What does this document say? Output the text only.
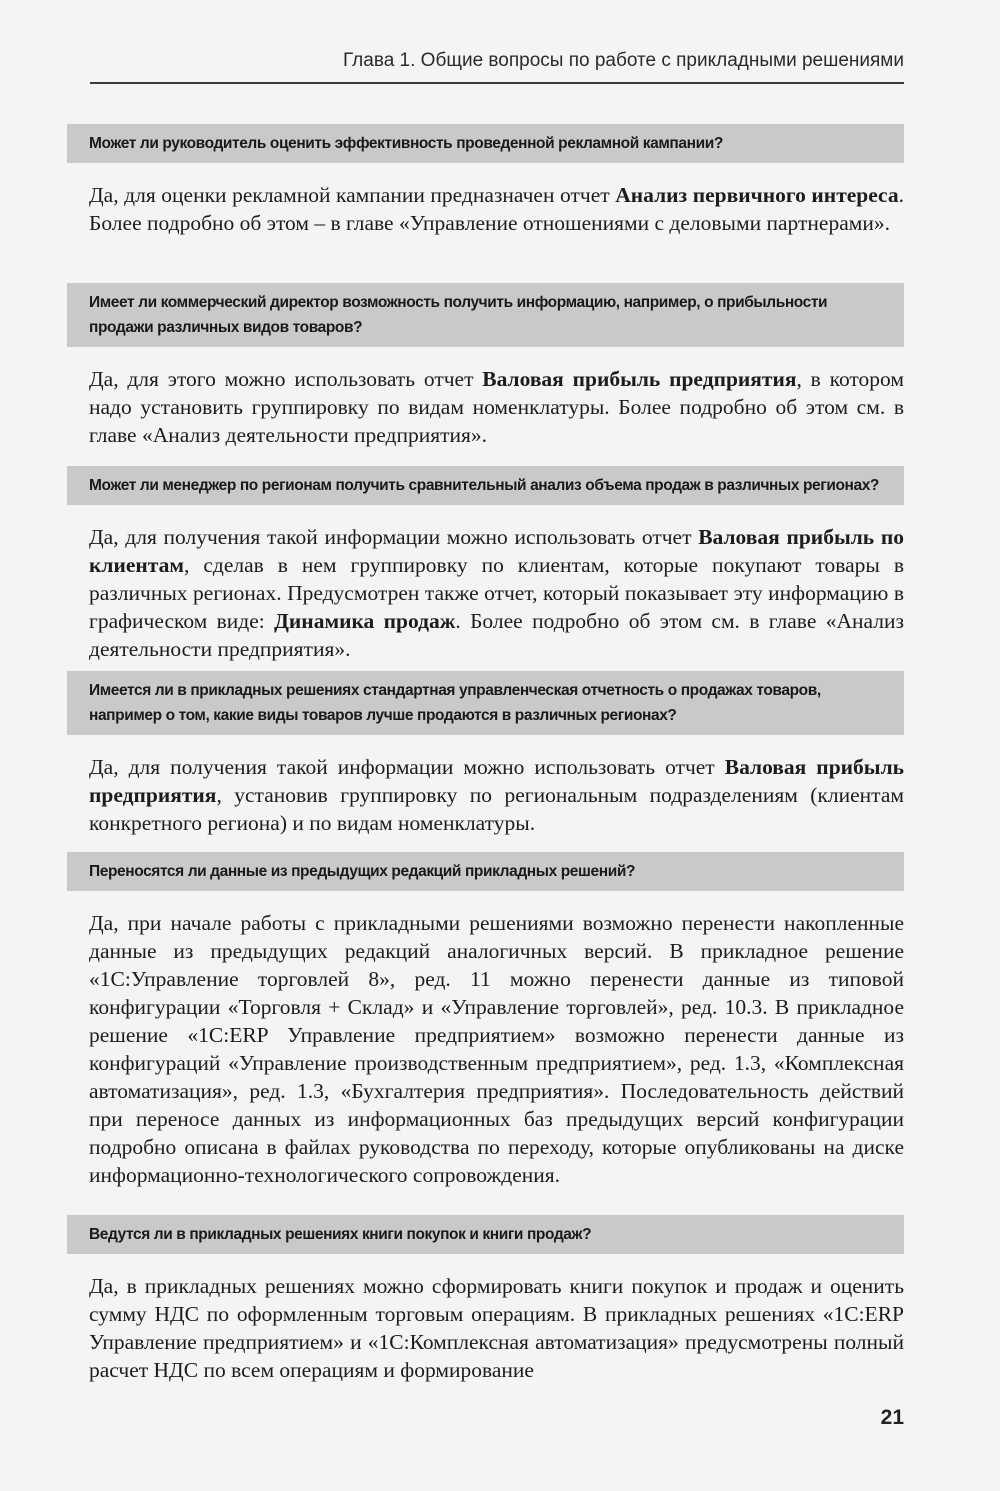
Глава 1. Общие вопросы по работе с прикладными решениями
Может ли руководитель оценить эффективность проведенной рекламной кампании?
Да, для оценки рекламной кампании предназначен отчет Анализ первичного интереса. Более подробно об этом – в главе «Управление отношениями с деловыми партнерами».
Имеет ли коммерческий директор возможность получить информацию, например, о прибыльности продажи различных видов товаров?
Да, для этого можно использовать отчет Валовая прибыль предприятия, в котором надо установить группировку по видам номенклатуры. Более подробно об этом см. в главе «Анализ деятельности предприятия».
Может ли менеджер по регионам получить сравнительный анализ объема продаж в различных регионах?
Да, для получения такой информации можно использовать отчет Валовая прибыль по клиентам, сделав в нем группировку по клиентам, которые покупают товары в различных регионах. Предусмотрен также отчет, который показывает эту информацию в графическом виде: Динамика продаж. Более подробно об этом см. в главе «Анализ деятельности предприятия».
Имеется ли в прикладных решениях стандартная управленческая отчетность о продажах товаров, например о том, какие виды товаров лучше продаются в различных регионах?
Да, для получения такой информации можно использовать отчет Валовая прибыль предприятия, установив группировку по региональным подразделениям (клиентам конкретного региона) и по видам номенклатуры.
Переносятся ли данные из предыдущих редакций прикладных решений?
Да, при начале работы с прикладными решениями возможно перенести накопленные данные из предыдущих редакций аналогичных версий. В прикладное решение «1С:Управление торговлей 8», ред. 11 можно перенести данные из типовой конфигурации «Торговля + Склад» и «Управление торговлей», ред. 10.3. В прикладное решение «1С:ERP Управление предприятием» возможно перенести данные из конфигураций «Управление производственным предприятием», ред. 1.3, «Комплексная автоматизация», ред. 1.3, «Бухгалтерия предприятия». Последовательность действий при переносе данных из информационных баз предыдущих версий конфигурации подробно описана в файлах руководства по переходу, которые опубликованы на диске информационно-технологического сопровождения.
Ведутся ли в прикладных решениях книги покупок и книги продаж?
Да, в прикладных решениях можно сформировать книги покупок и продаж и оценить сумму НДС по оформленным торговым операциям. В прикладных решениях «1С:ERP Управление предприятием» и «1С:Комплексная автоматизация» предусмотрены полный расчет НДС по всем операциям и формирование
21
